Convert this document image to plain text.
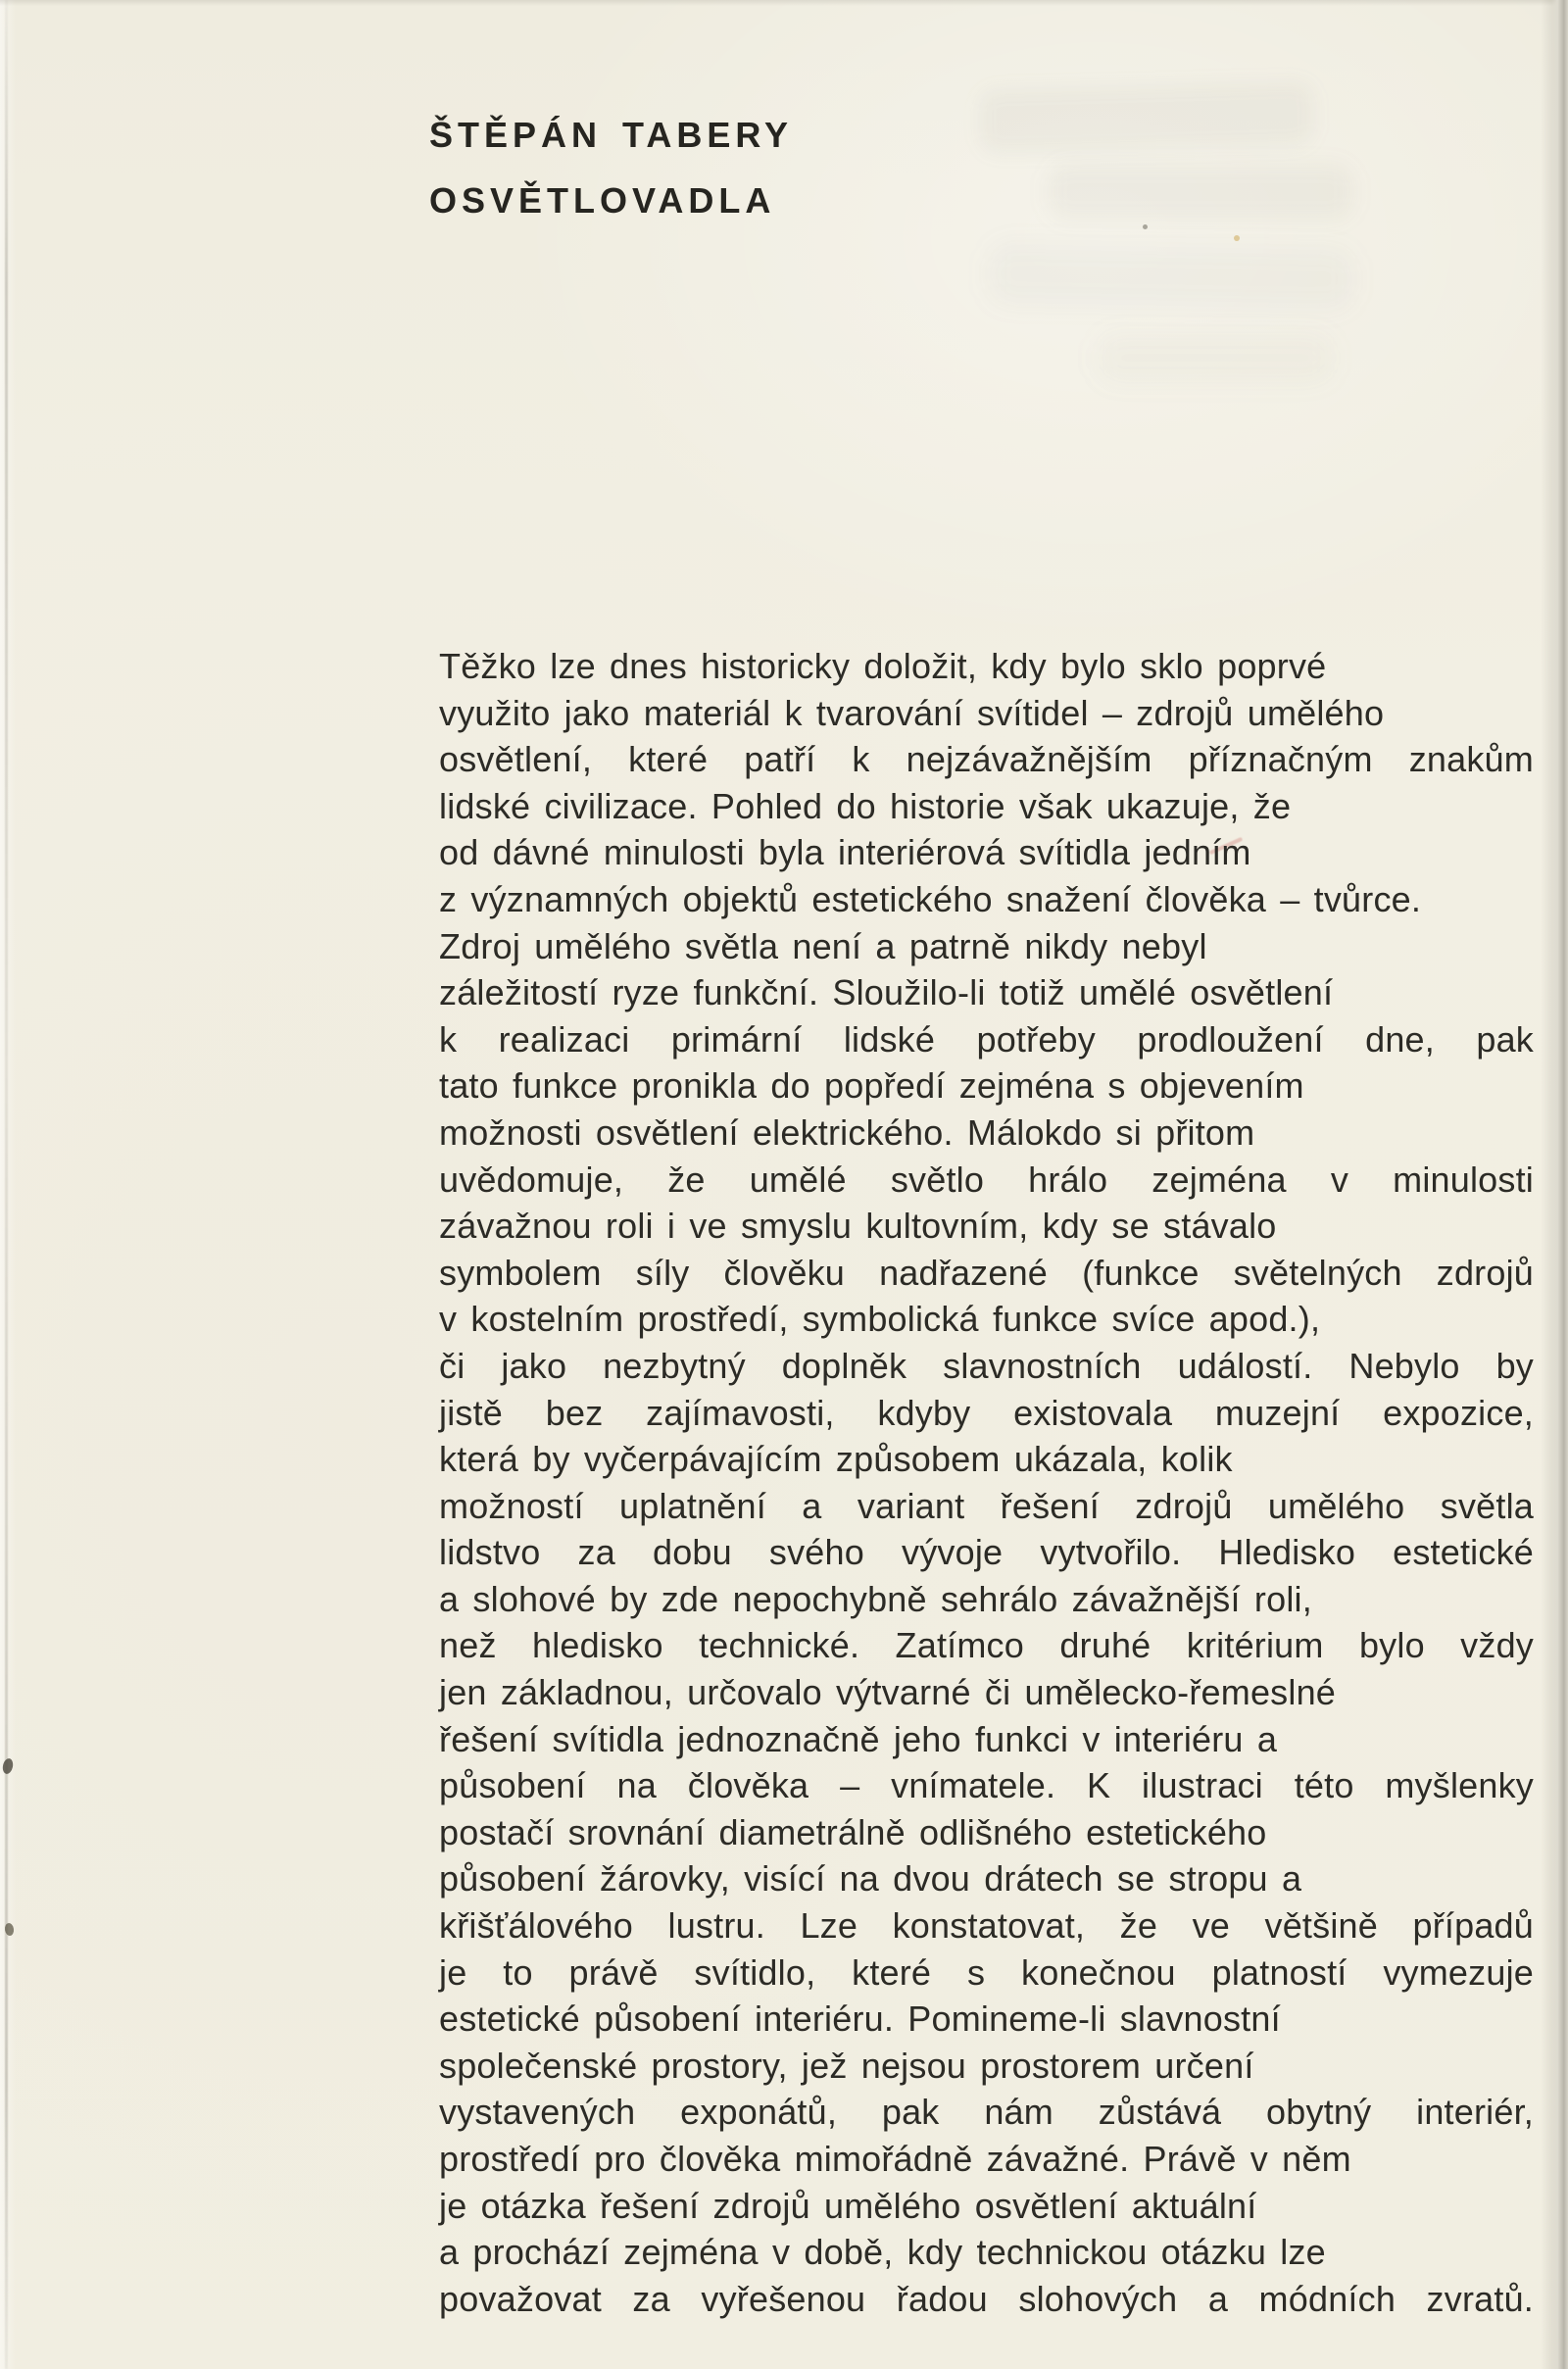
ŠTĚPÁN TABERY
OSVĚTLOVADLA
Těžko lze dnes historicky doložit, kdy bylo sklo poprvé
využito jako materiál k tvarování svítidel – zdrojů umělého
osvětlení, které patří k nejzávažnějším příznačným znakům
lidské civilizace. Pohled do historie však ukazuje, že
od dávné minulosti byla interiérová svítidla jedním
z významných objektů estetického snažení člověka – tvůrce.
Zdroj umělého světla není a patrně nikdy nebyl
záležitostí ryze funkční. Sloužilo-li totiž umělé osvětlení
k realizaci primární lidské potřeby prodloužení dne, pak
tato funkce pronikla do popředí zejména s objevením
možnosti osvětlení elektrického. Málokdo si přitom
uvědomuje, že umělé světlo hrálo zejména v minulosti
závažnou roli i ve smyslu kultovním, kdy se stávalo
symbolem síly člověku nadřazené (funkce světelných zdrojů
v kostelním prostředí, symbolická funkce svíce apod.),
či jako nezbytný doplněk slavnostních událostí. Nebylo by
jistě bez zajímavosti, kdyby existovala muzejní expozice,
která by vyčerpávajícím způsobem ukázala, kolik
možností uplatnění a variant řešení zdrojů umělého světla
lidstvo za dobu svého vývoje vytvořilo. Hledisko estetické
a slohové by zde nepochybně sehrálo závažnější roli,
než hledisko technické. Zatímco druhé kritérium bylo vždy
jen základnou, určovalo výtvarné či umělecko-řemeslné
řešení svítidla jednoznačně jeho funkci v interiéru a
působení na člověka – vnímatele. K ilustraci této myšlenky
postačí srovnání diametrálně odlišného estetického
působení žárovky, visící na dvou drátech se stropu a
křišťálového lustru. Lze konstatovat, že ve většině případů
je to právě svítidlo, které s konečnou platností vymezuje
estetické působení interiéru. Pomineme-li slavnostní
společenské prostory, jež nejsou prostorem určení
vystavených exponátů, pak nám zůstává obytný interiér,
prostředí pro člověka mimořádně závažné. Právě v něm
je otázka řešení zdrojů umělého osvětlení aktuální
a prochází zejména v době, kdy technickou otázku lze
považovat za vyřešenou řadou slohových a módních zvratů.
